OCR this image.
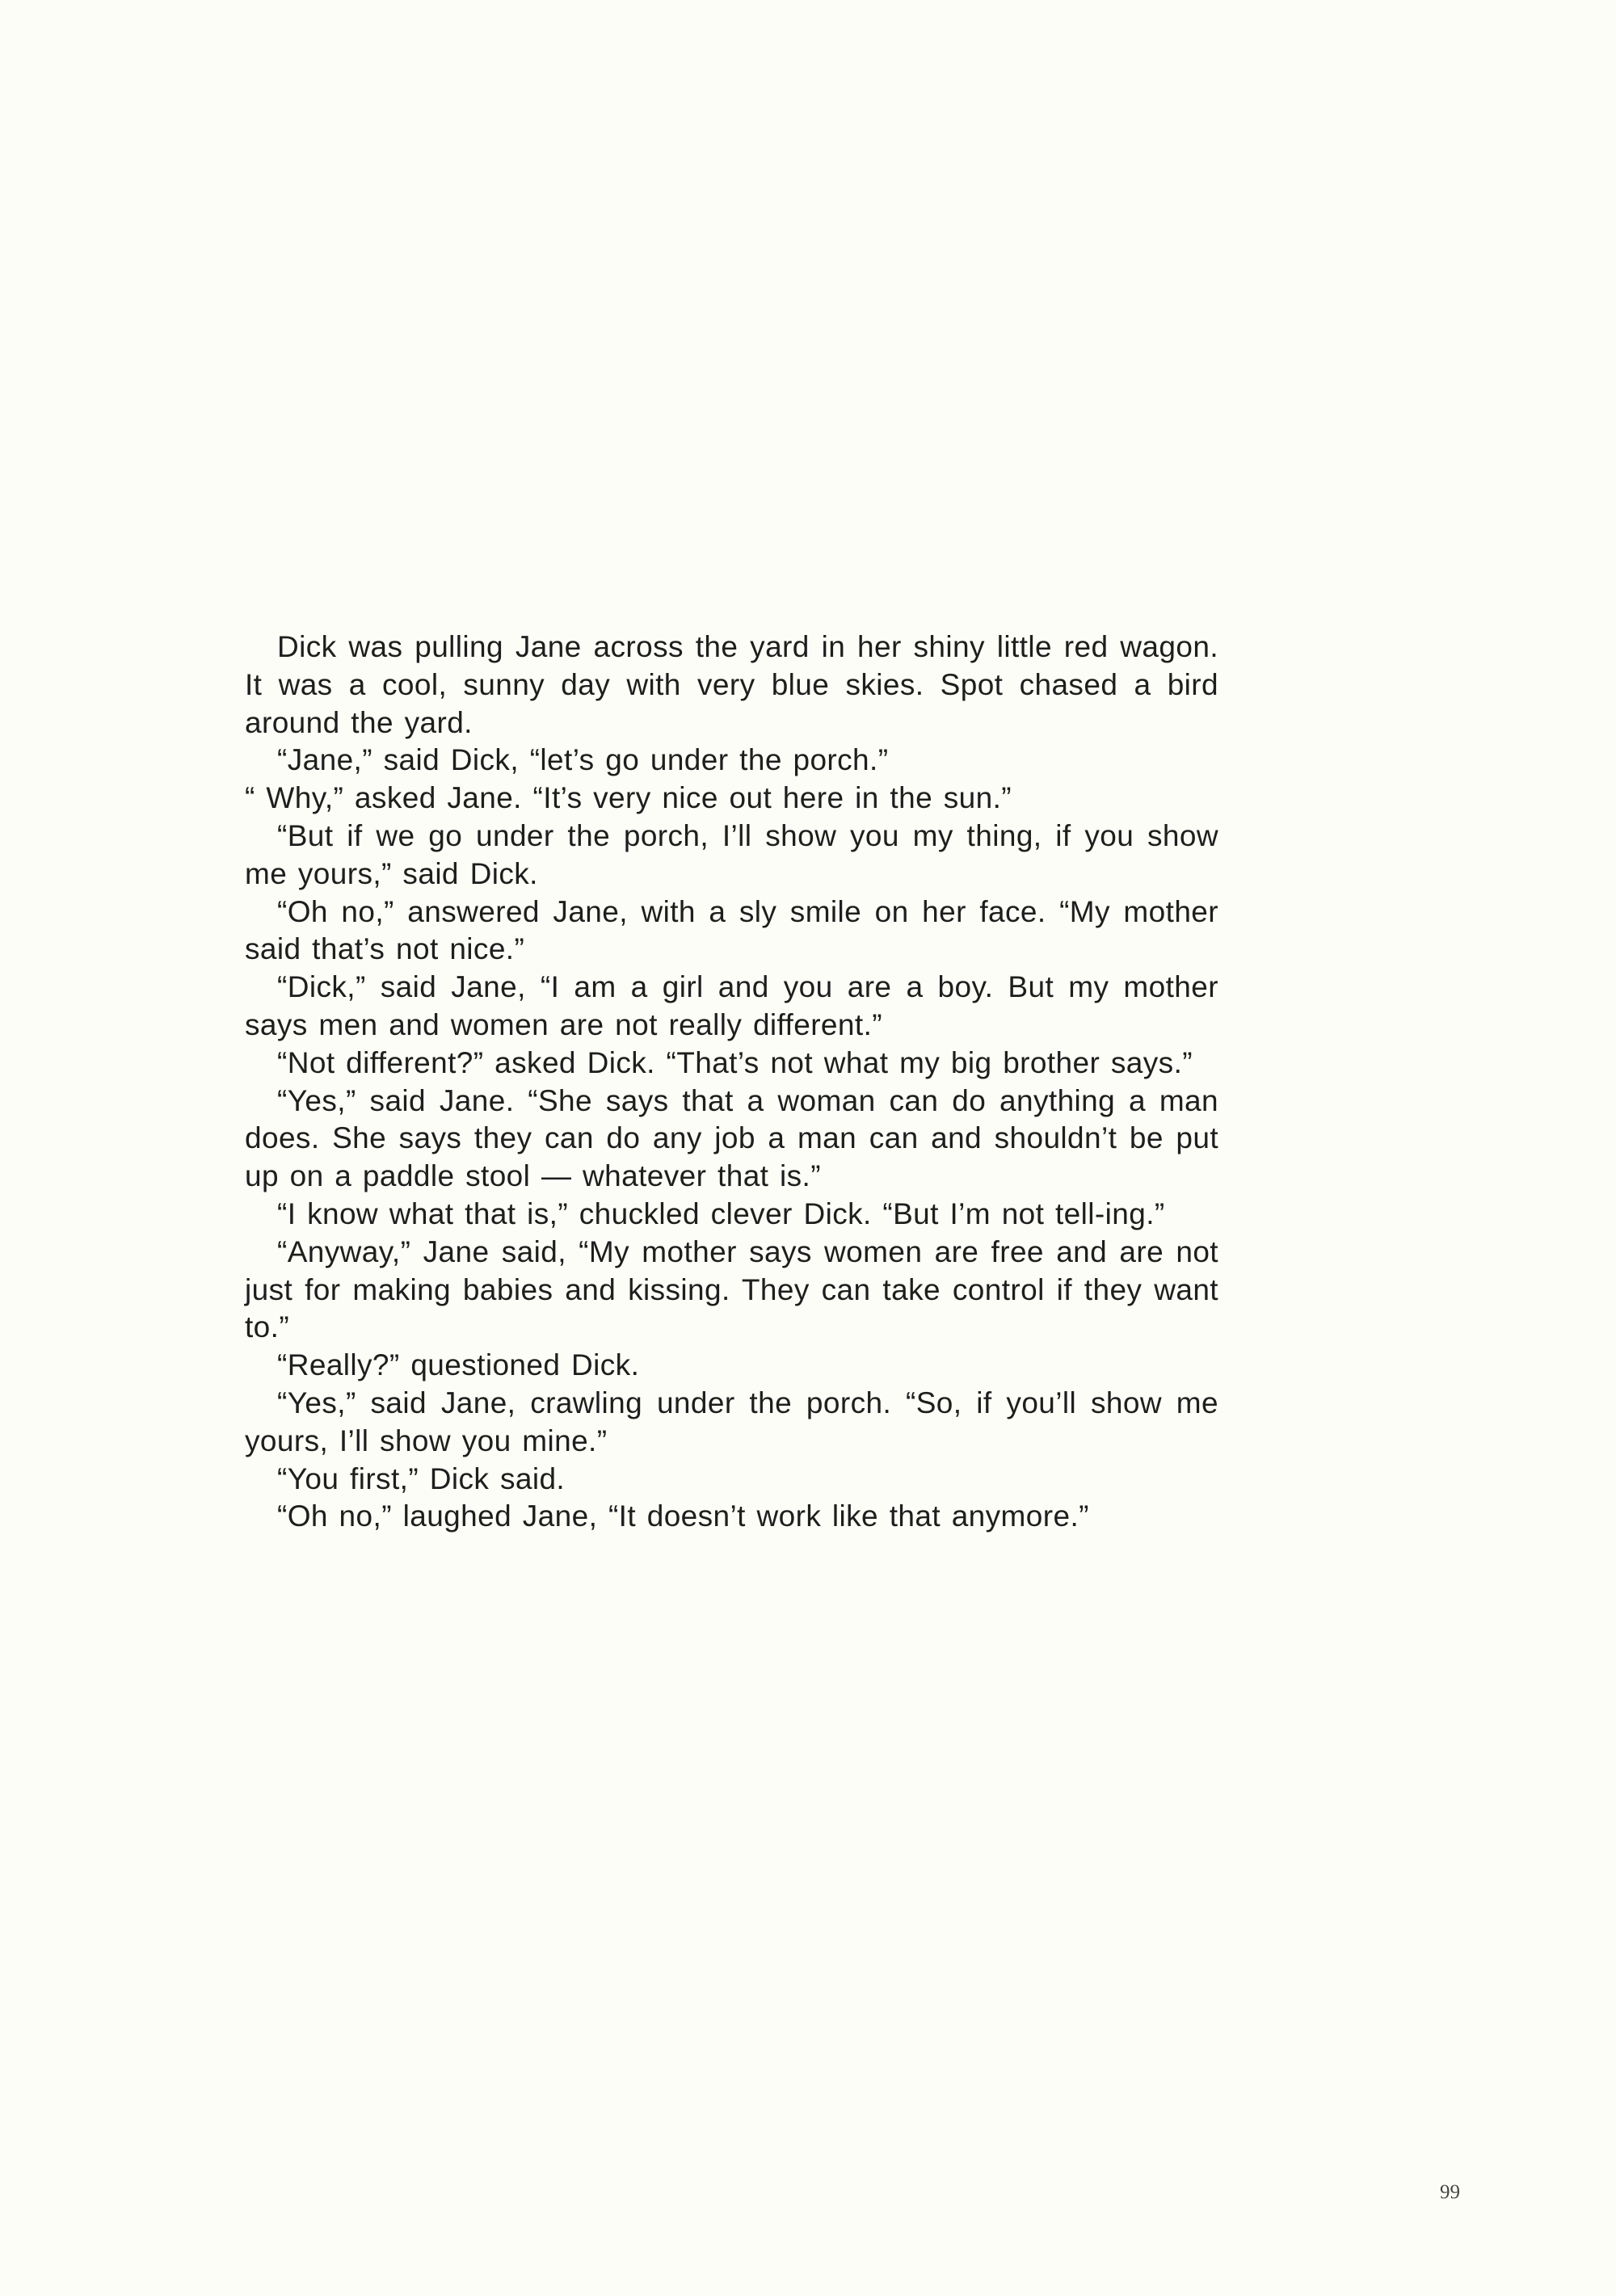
Dick was pulling Jane across the yard in her shiny little red wagon. It was a cool, sunny day with very blue skies. Spot chased a bird around the yard.

“Jane,” said Dick, “let’s go under the porch.”

“ Why,” asked Jane. “It’s very nice out here in the sun.”

“But if we go under the porch, I’ll show you my thing, if you show me yours,” said Dick.

“Oh no,” answered Jane, with a sly smile on her face. “My mother said that’s not nice.”

“Dick,” said Jane, “I am a girl and you are a boy. But my mother says men and women are not really different.”

“Not different?” asked Dick. “That’s not what my big brother says.”

“Yes,” said Jane. “She says that a woman can do anything a man does. She says they can do any job a man can and shouldn’t be put up on a paddle stool — whatever that is.”

“I know what that is,” chuckled clever Dick. “But I’m not tell-ing.”

“Anyway,” Jane said, “My mother says women are free and are not just for making babies and kissing. They can take control if they want to.”

“Really?” questioned Dick.

“Yes,” said Jane, crawling under the porch. “So, if you’ll show me yours, I’ll show you mine.”

“You first,” Dick said.

“Oh no,” laughed Jane, “It doesn’t work like that anymore.”

99
